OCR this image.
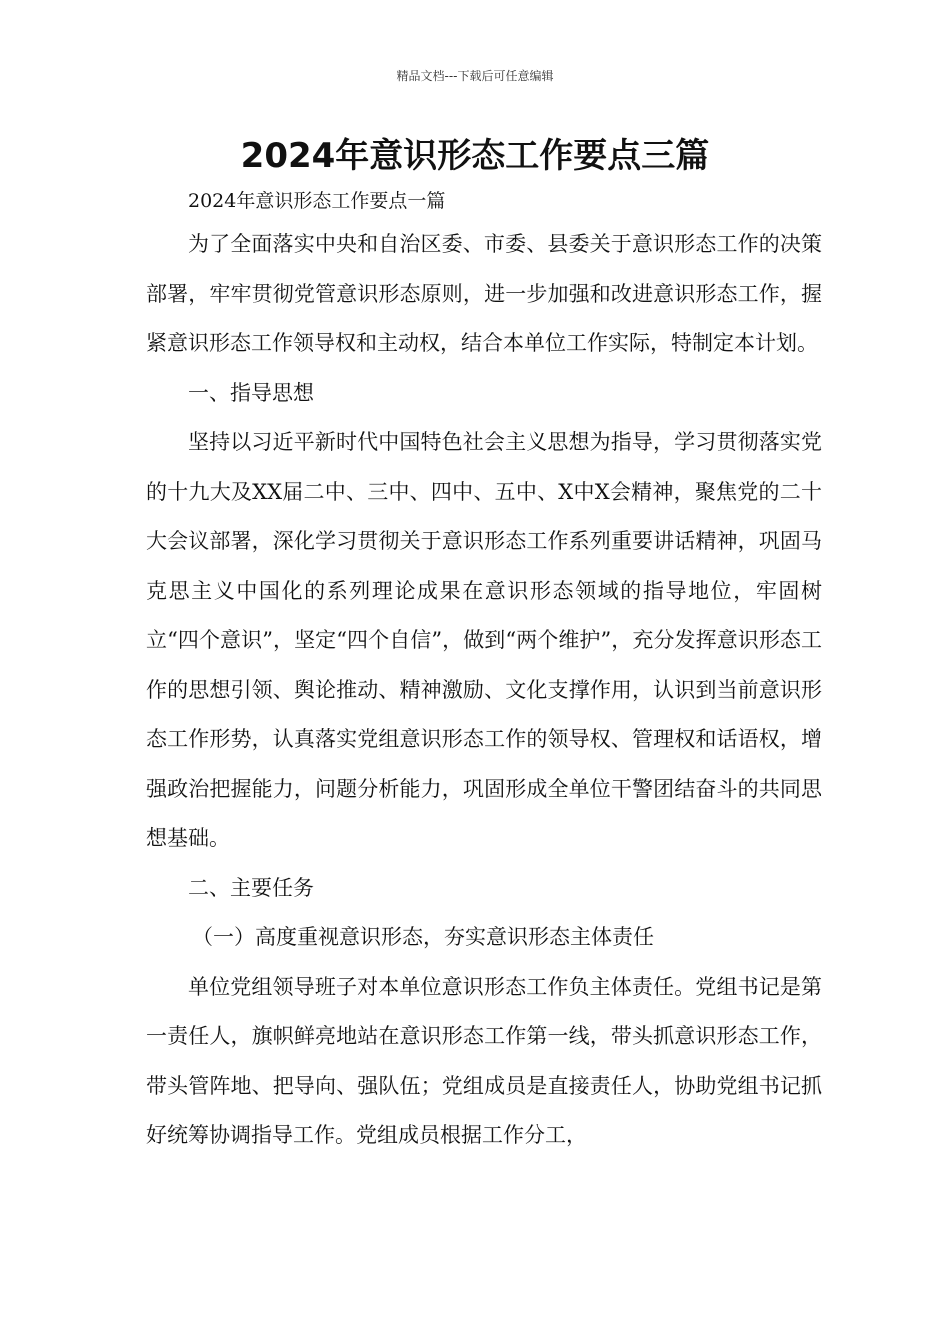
精品文档---下载后可任意编辑
2024年意识形态工作要点三篇

2024年意识形态工作要点一篇

为了全面落实中央和自治区委、市委、县委关于意识形态工作的决策部署，牢牢贯彻党管意识形态原则，进一步加强和改进意识形态工作，握紧意识形态工作领导权和主动权，结合本单位工作实际，特制定本计划。

一、指导思想

坚持以习近平新时代中国特色社会主义思想为指导，学习贯彻落实党的十九大及XX届二中、三中、四中、五中、X中X会精神，聚焦党的二十大会议部署，深化学习贯彻关于意识形态工作系列重要讲话精神，巩固马克思主义中国化的系列理论成果在意识形态领域的指导地位，牢固树立“四个意识”，坚定“四个自信”，做到“两个维护”，充分发挥意识形态工作的思想引领、舆论推动、精神激励、文化支撑作用，认识到当前意识形态工作形势，认真落实党组意识形态工作的领导权、管理权和话语权，增强政治把握能力，问题分析能力，巩固形成全单位干警团结奋斗的共同思想基础。

二、主要任务

（一）高度重视意识形态，夯实意识形态主体责任

单位党组领导班子对本单位意识形态工作负主体责任。党组书记是第一责任人，旗帜鲜亮地站在意识形态工作第一线，带头抓意识形态工作，带头管阵地、把导向、强队伍；党组成员是直接责任人，协助党组书记抓好统筹协调指导工作。党组成员根据工作分工，
